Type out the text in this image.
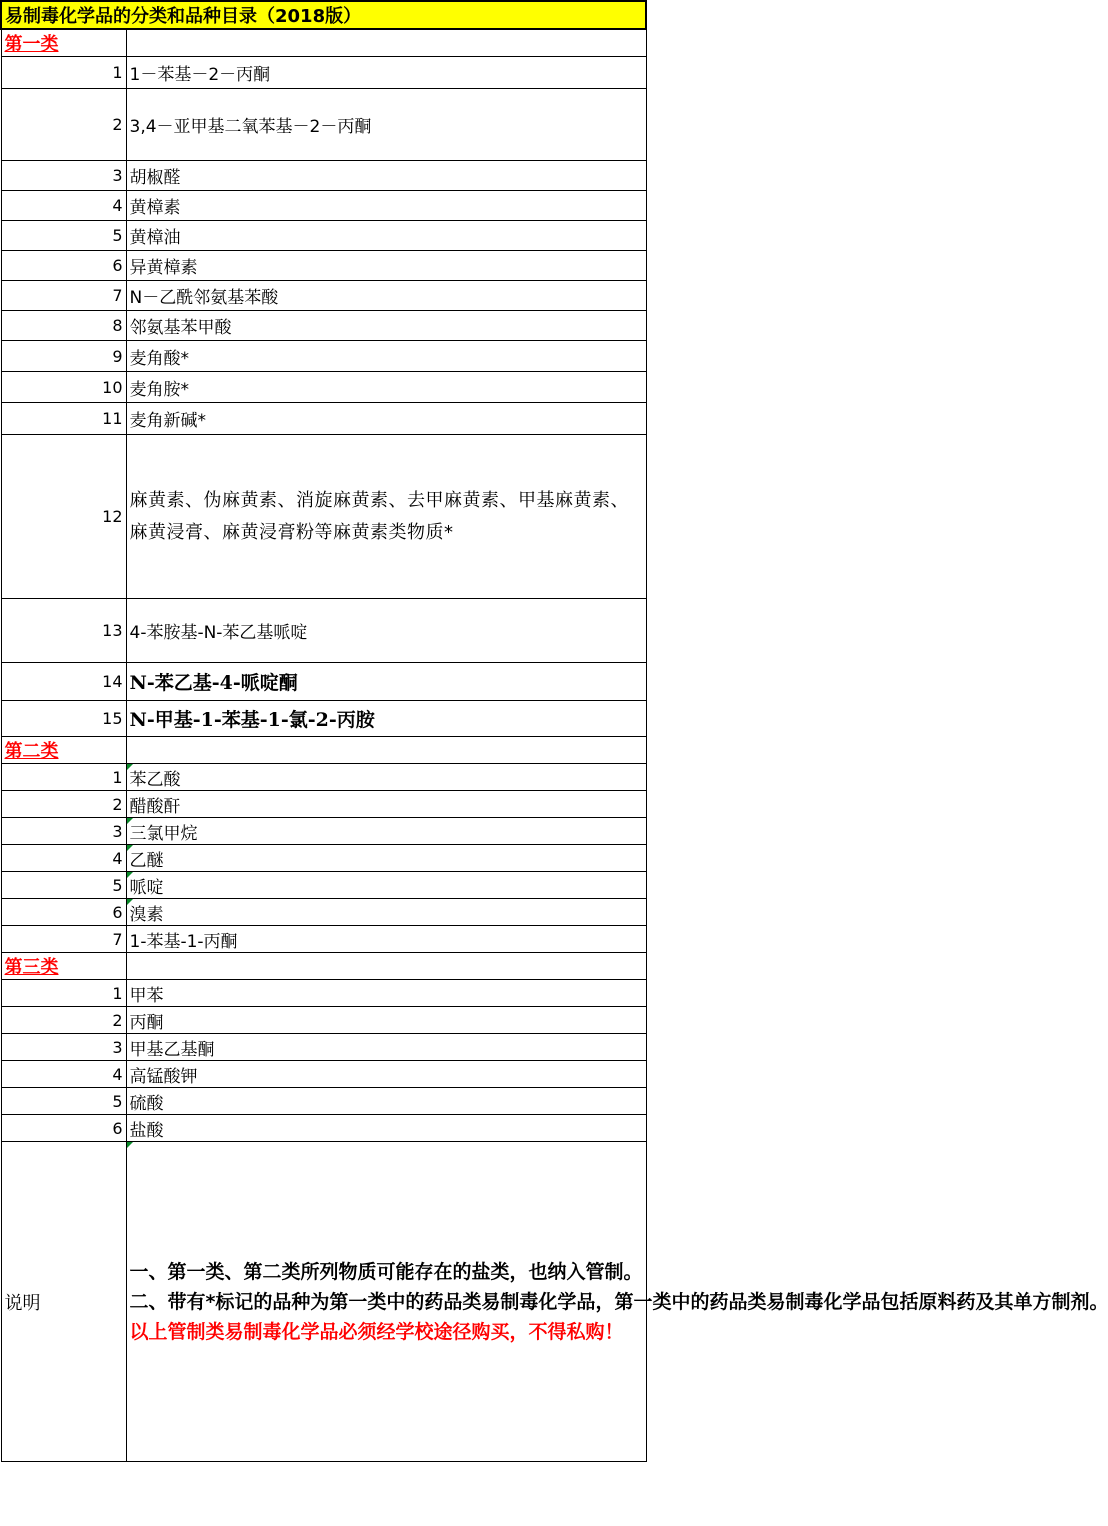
易制毒化学品的分类和品种目录（2018版）	
第一类	
1	1－苯基－2－丙酮
2	3,4－亚甲基二氧苯基－2－丙酮
3	胡椒醛
4	黄樟素
5	黄樟油
6	异黄樟素
7	N－乙酰邻氨基苯酸
8	邻氨基苯甲酸
9	麦角酸*
10	麦角胺*
11	麦角新碱*
12	麻黄素、伪麻黄素、消旋麻黄素、去甲麻黄素、甲基麻黄素、麻黄浸膏、麻黄浸膏粉等麻黄素类物质*
13	4-苯胺基-N-苯乙基哌啶
14	N-苯乙基-4-哌啶酮
15	N-甲基-1-苯基-1-氯-2-丙胺
第二类	
1	苯乙酸
2	醋酸酐
3	三氯甲烷
4	乙醚
5	哌啶
6	溴素
7	1-苯基-1-丙酮
第三类	
1	甲苯
2	丙酮
3	甲基乙基酮
4	高锰酸钾
5	硫酸
6	盐酸
说明	一、第一类、第二类所列物质可能存在的盐类，也纳入管制。
二、带有*标记的品种为第一类中的药品类易制毒化学品，第一类中的药品类易制毒化学品包括原料药及其单方制剂。
以上管制类易制毒化学品必须经学校途径购买，不得私购！
